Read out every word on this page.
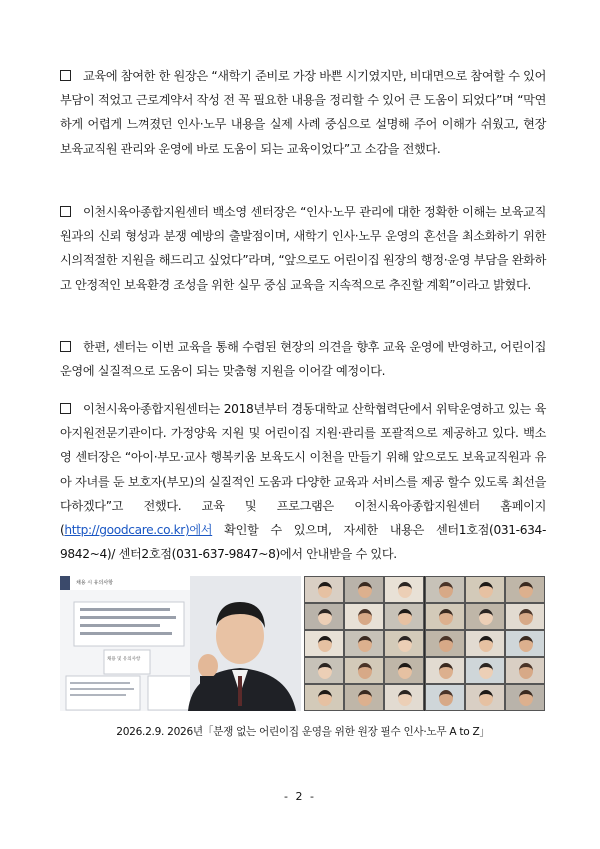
교육에 참여한 한 원장은 “새학기 준비로 가장 바쁜 시기였지만, 비대면으로 참여할 수 있어 부담이 적었고 근로계약서 작성 전 꼭 필요한 내용을 정리할 수 있어 큰 도움이 되었다”며 “막연하게 어렵게 느껴졌던 인사·노무 내용을 실제 사례 중심으로 설명해 주어 이해가 쉬웠고, 현장 보육교직원 관리와 운영에 바로 도움이 되는 교육이었다”고 소감을 전했다.

이천시육아종합지원센터 백소영 센터장은 “인사·노무 관리에 대한 정확한 이해는 보육교직원과의 신뢰 형성과 분쟁 예방의 출발점이며, 새학기 인사·노무 운영의 혼선을 최소화하기 위한 시의적절한 지원을 해드리고 싶었다”라며, “앞으로도 어린이집 원장의 행정·운영 부담을 완화하고 안정적인 보육환경 조성을 위한 실무 중심 교육을 지속적으로 추진할 계획”이라고 밝혔다.

한편, 센터는 이번 교육을 통해 수렴된 현장의 의견을 향후 교육 운영에 반영하고, 어린이집 운영에 실질적으로 도움이 되는 맞춤형 지원을 이어갈 예정이다.

이천시육아종합지원센터는 2018년부터 경동대학교 산학협력단에서 위탁운영하고 있는 육아지원전문기관이다. 가정양육 지원 및 어린이집 지원·관리를 포괄적으로 제공하고 있다. 백소영 센터장은 “아이·부모·교사 행복키움 보육도시 이천을 만들기 위해 앞으로도 보육교직원과 유아 자녀를 둔 보호자(부모)의 실질적인 도움과 다양한 교육과 서비스를 제공 할수 있도록 최선을 다하겠다”고 전했다. 교육 및 프로그램은 이천시육아종합지원센터 홈페이지(http://goodcare.co.kr)에서 확인할 수 있으며, 자세한 내용은 센터1호점(031-634-9842~4)/ 센터2호점(031-637-9847~8)에서 안내받을 수 있다.

채용 시 유의사항
채용 및 유의사항
2026.2.9. 2026년「분쟁 없는 어린이집 운영을 위한 원장 필수 인사·노무 A to Z」
- 2 -
